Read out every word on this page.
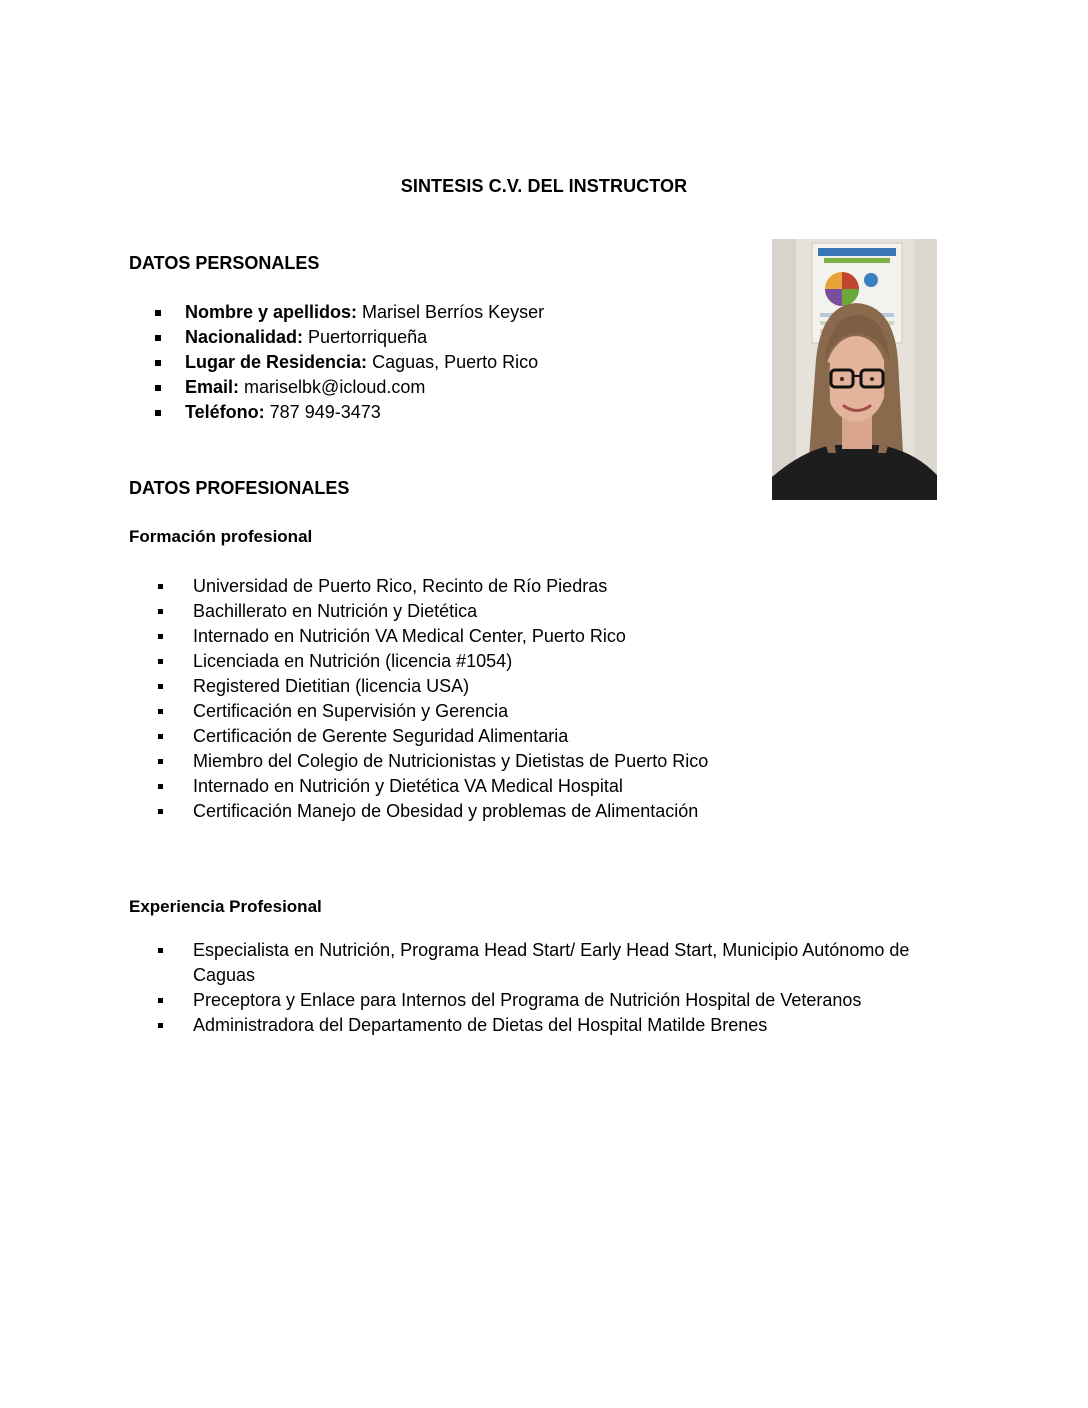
SINTESIS C.V. DEL INSTRUCTOR
DATOS PERSONALES
Nombre y apellidos: Marisel Berríos Keyser
Nacionalidad: Puertorriqueña
Lugar de Residencia: Caguas, Puerto Rico
Email: mariselbk@icloud.com
Teléfono: 787 949-3473
DATOS PROFESIONALES
Formación profesional
Universidad de Puerto Rico, Recinto de Río Piedras
Bachillerato en Nutrición y Dietética
Internado en Nutrición VA Medical Center, Puerto Rico
Licenciada en Nutrición (licencia #1054)
Registered Dietitian (licencia USA)
Certificación en Supervisión y Gerencia
Certificación de Gerente Seguridad Alimentaria
Miembro del Colegio de Nutricionistas y Dietistas de Puerto Rico
Internado en Nutrición y Dietética VA Medical Hospital
Certificación Manejo de Obesidad y problemas de Alimentación
Experiencia Profesional
Especialista en Nutrición, Programa Head Start/ Early Head Start, Municipio Autónomo de Caguas
Preceptora y Enlace para Internos del Programa de Nutrición Hospital de Veteranos
Administradora del Departamento de Dietas del Hospital Matilde Brenes
